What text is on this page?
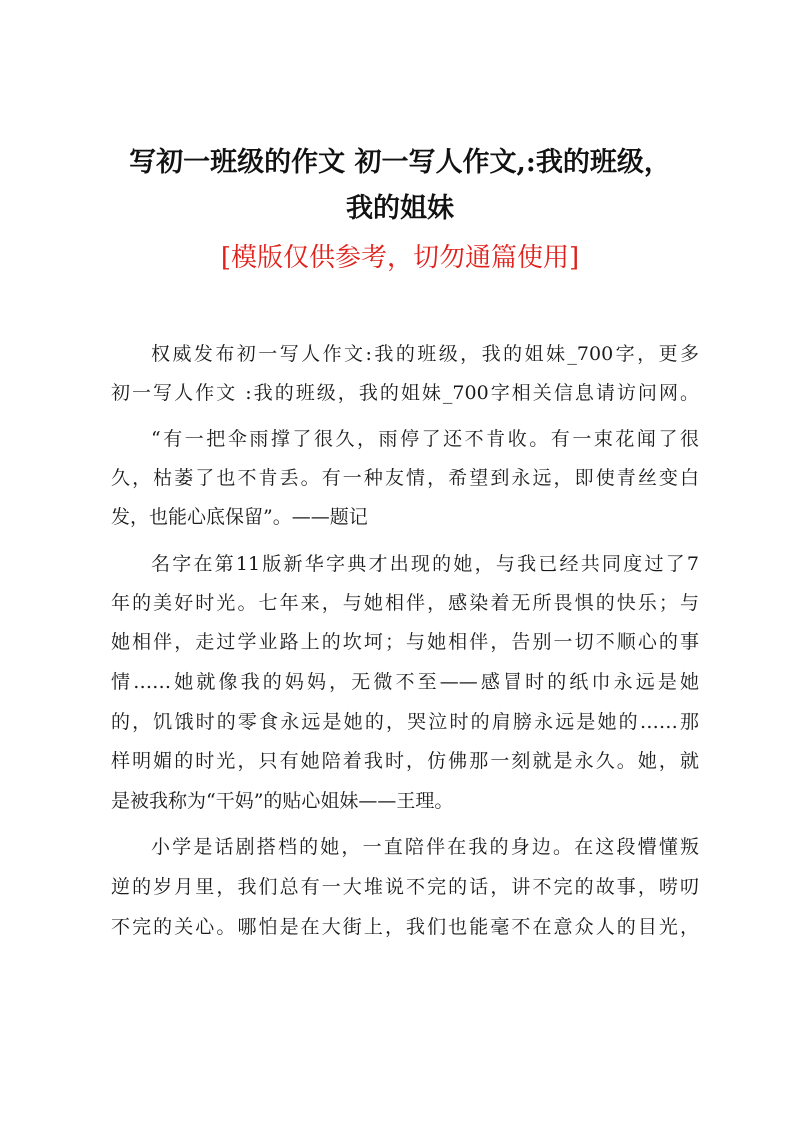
写初一班级的作文 初一写人作文,:我的班级，
我的姐妹

[模版仅供参考，切勿通篇使用]

权威发布初一写人作文:我的班级，我的姐妹_700字，更多
初一写人作文 :我的班级，我的姐妹_700字相关信息请访问网。
“有一把伞雨撑了很久，雨停了还不肯收。有一束花闻了很
久，枯萎了也不肯丢。有一种友情，希望到永远，即使青丝变白
发，也能心底保留”。——题记
名字在第11版新华字典才出现的她，与我已经共同度过了7
年的美好时光。七年来，与她相伴，感染着无所畏惧的快乐；与
她相伴，走过学业路上的坎坷；与她相伴，告别一切不顺心的事
情……她就像我的妈妈，无微不至——感冒时的纸巾永远是她
的，饥饿时的零食永远是她的，哭泣时的肩膀永远是她的……那
样明媚的时光，只有她陪着我时，仿佛那一刻就是永久。她，就
是被我称为“干妈”的贴心姐妹——王理。
小学是话剧搭档的她，一直陪伴在我的身边。在这段懵懂叛
逆的岁月里，我们总有一大堆说不完的话，讲不完的故事，唠叨
不完的关心。哪怕是在大街上，我们也能毫不在意众人的目光，
